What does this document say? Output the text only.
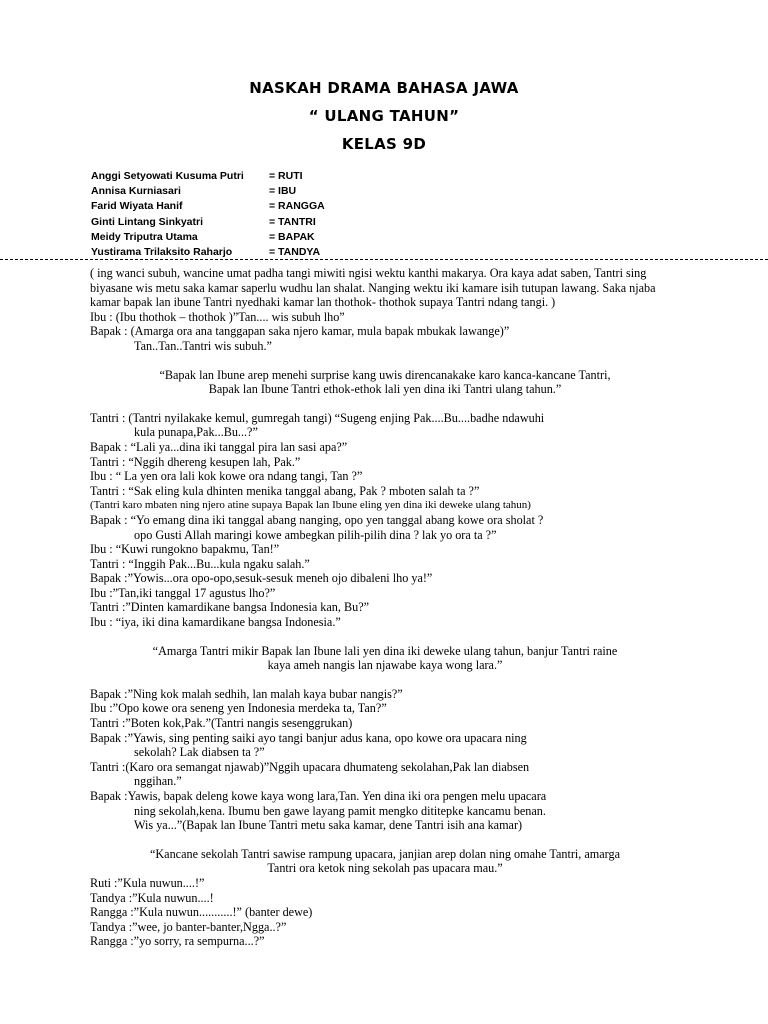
NASKAH DRAMA BAHASA JAWA
“ ULANG TAHUN”
KELAS 9D
Anggi Setyowati Kusuma Putri = RUTI
Annisa Kurniasari	= IBU
Farid Wiyata Hanif	= RANGGA
Ginti Lintang Sinkyatri	= TANTRI
Meidy Triputra Utama	= BAPAK
Yustirama Trilaksito Raharjo	= TANDYA

( ing wanci subuh, wancine umat padha tangi miwiti ngisi wektu kanthi makarya. Ora kaya adat saben, Tantri sing biyasane wis metu saka kamar saperlu wudhu lan shalat. Nanging wektu iki kamare isih tutupan lawang. Saka njaba kamar bapak lan ibune Tantri nyedhaki kamar lan thothok- thothok supaya Tantri ndang tangi. )

Ibu : (Ibu thothok – thothok )”Tan.... wis subuh lho”

Bapak : (Amarga ora ana tanggapan saka njero kamar, mula bapak mbukak lawange)”

Tan..Tan..Tantri wis subuh.”

“Bapak lan Ibune arep menehi surprise kang uwis direncanakake karo kanca-kancane Tantri,

Bapak lan Ibune Tantri ethok-ethok lali yen dina iki Tantri ulang tahun.”

Tantri : (Tantri nyilakake kemul, gumregah tangi) “Sugeng enjing Pak....Bu....badhe ndawuhi

kula punapa,Pak...Bu...?”

Bapak : “Lali ya...dina iki tanggal pira lan sasi apa?”

Tantri : “Nggih dhereng kesupen lah, Pak.”

Ibu : “ La yen ora lali kok kowe ora ndang tangi, Tan ?”

Tantri : “Sak eling kula dhinten menika tanggal abang, Pak ? mboten salah ta ?”

(Tantri karo mbaten ning njero atine supaya Bapak lan Ibune eling yen dina iki deweke ulang tahun)

Bapak : “Yo emang dina iki tanggal abang nanging, opo yen tanggal abang kowe ora sholat ?

opo Gusti Allah maringi kowe ambegkan pilih-pilih dina ? lak yo ora ta ?”

Ibu : “Kuwi rungokno bapakmu, Tan!”

Tantri : “Inggih Pak...Bu...kula ngaku salah.”

Bapak :”Yowis...ora opo-opo,sesuk-sesuk meneh ojo dibaleni lho ya!”

Ibu :”Tan,iki tanggal 17 agustus lho?”

Tantri :”Dinten kamardikane bangsa Indonesia kan, Bu?”

Ibu : “iya, iki dina kamardikane bangsa Indonesia.”

“Amarga Tantri mikir Bapak lan Ibune lali yen dina iki deweke ulang tahun, banjur Tantri raine

kaya ameh nangis lan njawabe kaya wong lara.”

Bapak :”Ning kok malah sedhih, lan malah kaya bubar nangis?”

Ibu :”Opo kowe ora seneng yen Indonesia merdeka ta, Tan?”

Tantri :”Boten kok,Pak.”(Tantri nangis sesenggrukan)

Bapak :”Yawis, sing penting saiki ayo tangi banjur adus kana, opo kowe ora upacara ning

sekolah? Lak diabsen ta ?”

Tantri :(Karo ora semangat njawab)”Nggih upacara dhumateng sekolahan,Pak lan diabsen

nggihan.”

Bapak :Yawis, bapak deleng kowe kaya wong lara,Tan. Yen dina iki ora pengen melu upacara

ning sekolah,kena. Ibumu ben gawe layang pamit mengko dititepke kancamu benan.

Wis ya...”(Bapak lan Ibune Tantri metu saka kamar, dene Tantri isih ana kamar)

“Kancane sekolah Tantri sawise rampung upacara, janjian arep dolan ning omahe Tantri, amarga

Tantri ora ketok ning sekolah pas upacara mau.”

Ruti :”Kula nuwun....!”

Tandya :”Kula nuwun....!

Rangga :”Kula nuwun...........!” (banter dewe)

Tandya :”wee, jo banter-banter,Ngga..?”

Rangga :”yo sorry, ra sempurna...?”
